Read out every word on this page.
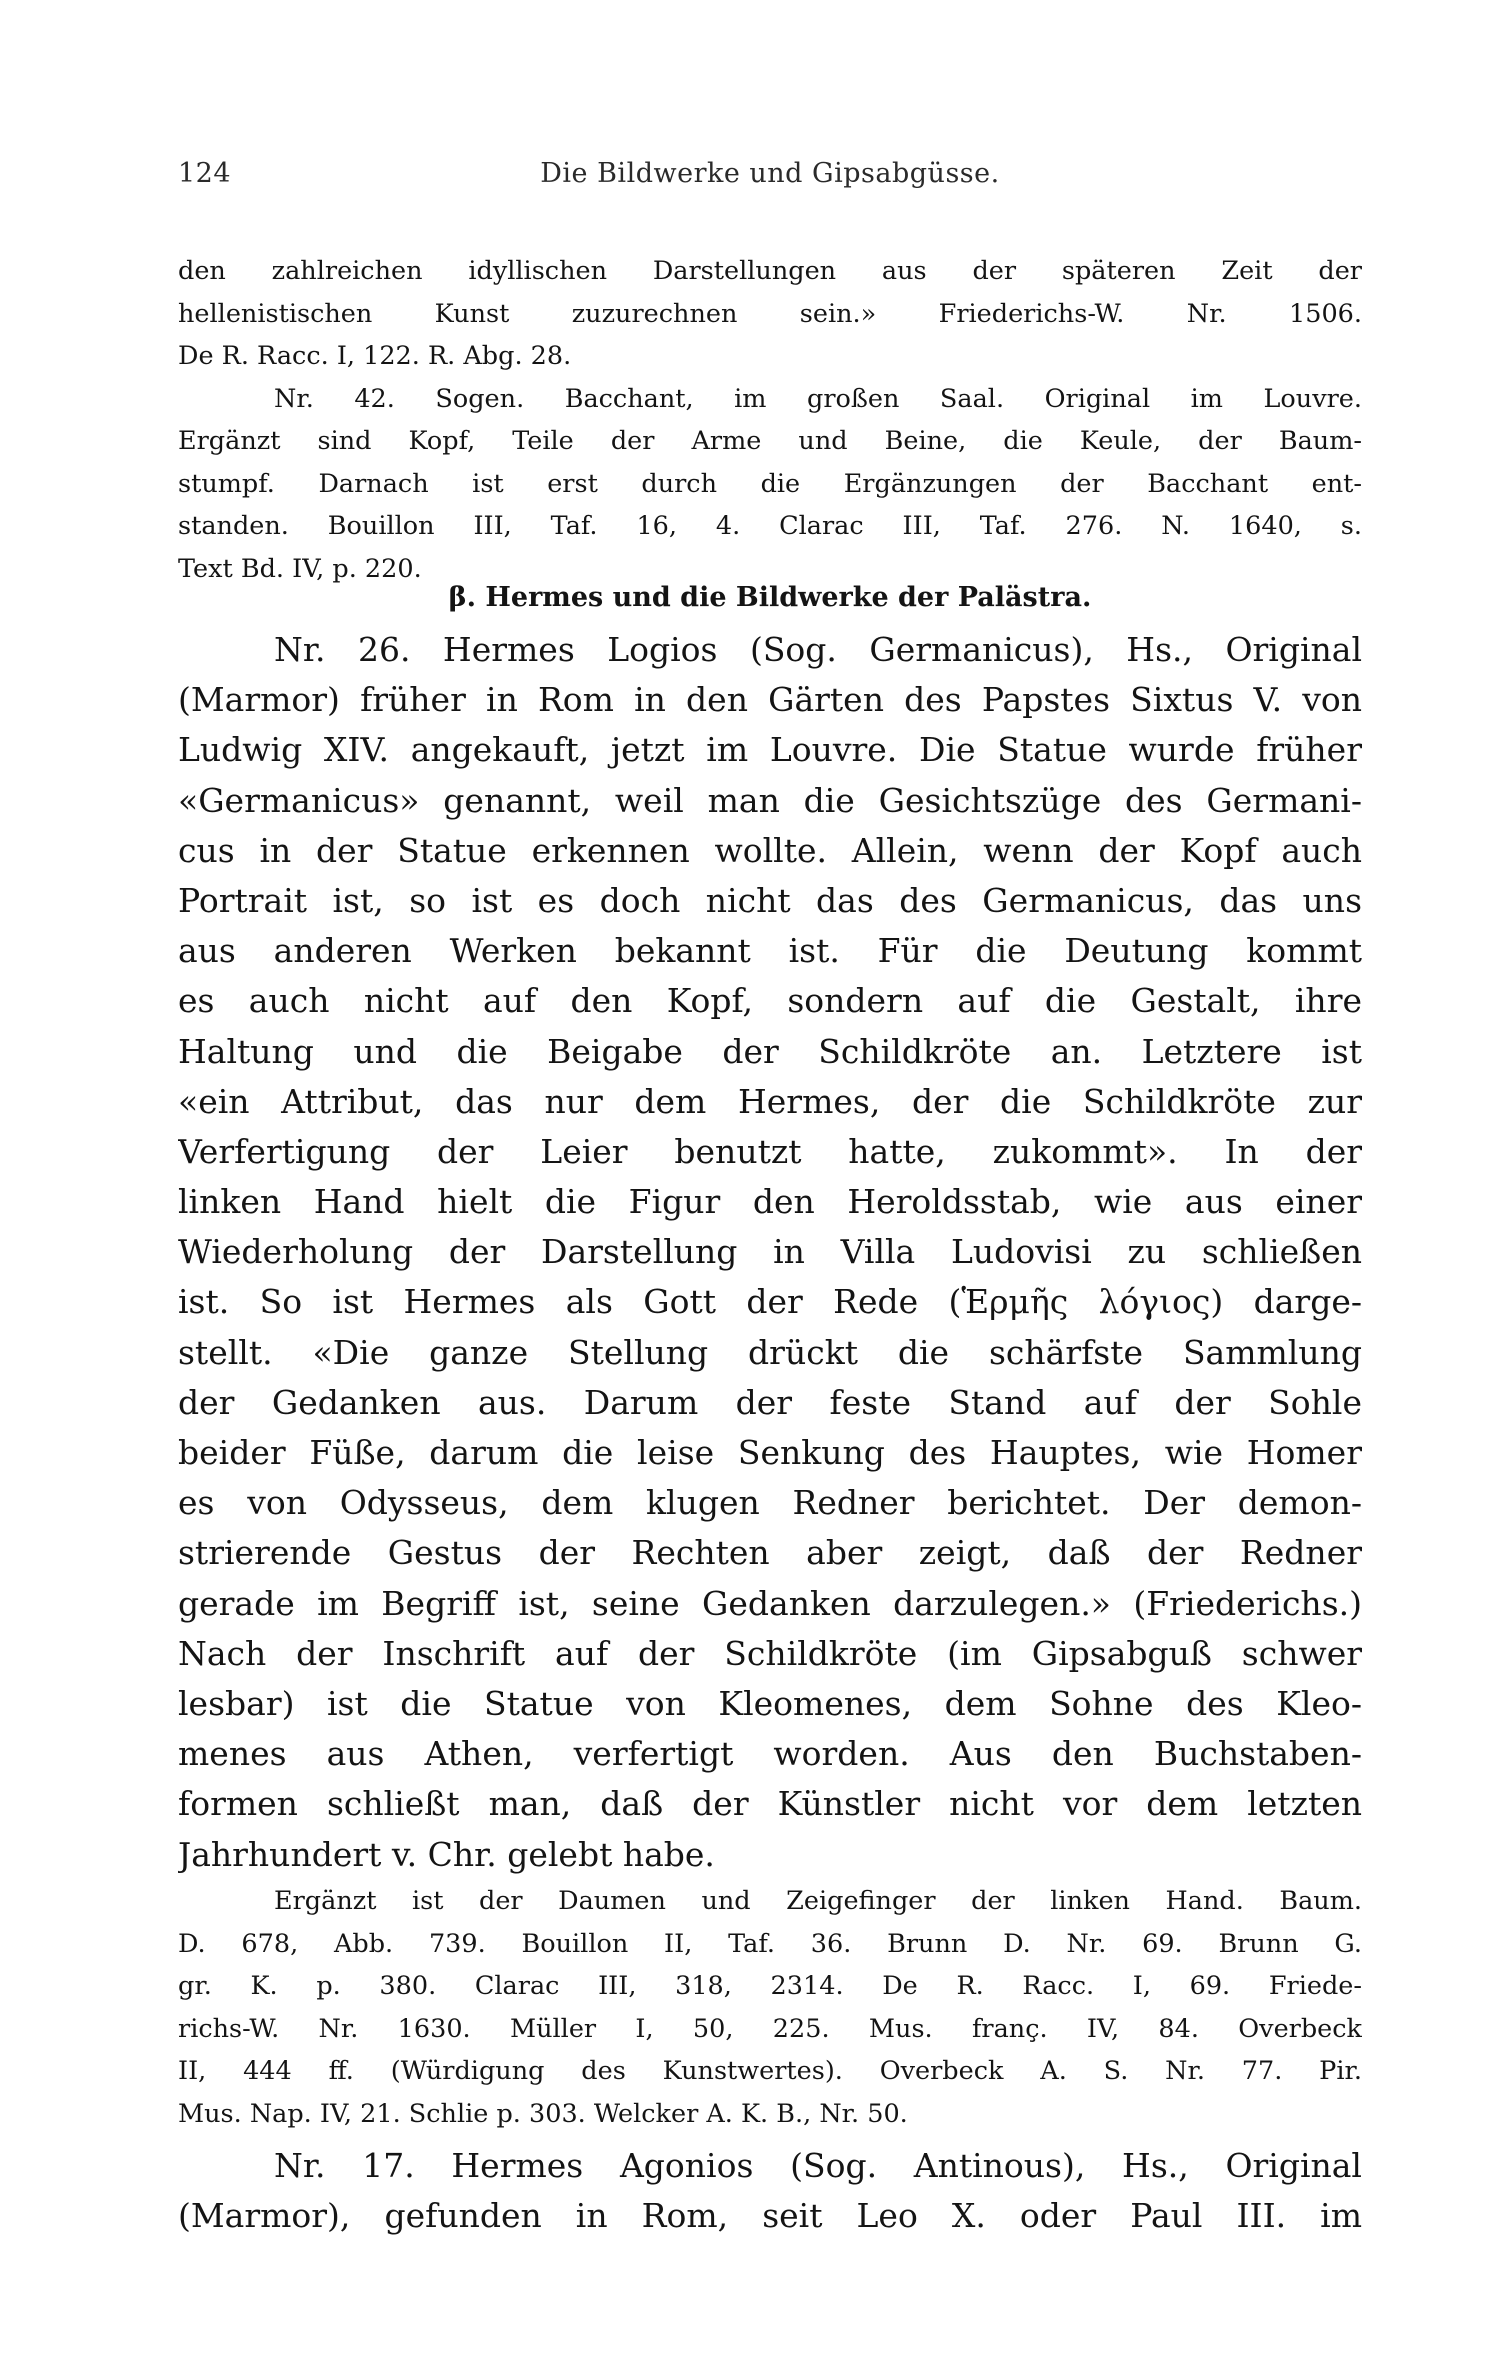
124	Die Bildwerke und Gipsabgüsse.
den zahlreichen idyllischen Darstellungen aus der späteren Zeit der
hellenistischen Kunst zuzurechnen sein.» Friederichs-W. Nr. 1506.
De R. Racc. I, 122. R. Abg. 28.
Nr. 42. Sogen. Bacchant, im großen Saal. Original im Louvre.
Ergänzt sind Kopf, Teile der Arme und Beine, die Keule, der Baum-
stumpf. Darnach ist erst durch die Ergänzungen der Bacchant ent-
standen. Bouillon III, Taf. 16, 4. Clarac III, Taf. 276. N. 1640, s.
Text Bd. IV, p. 220.
β. Hermes und die Bildwerke der Palästra.
Nr. 26. Hermes Logios (Sog. Germanicus), Hs., Original
(Marmor) früher in Rom in den Gärten des Papstes Sixtus V. von
Ludwig XIV. angekauft, jetzt im Louvre. Die Statue wurde früher
«Germanicus» genannt, weil man die Gesichtszüge des Germani-
cus in der Statue erkennen wollte. Allein, wenn der Kopf auch
Portrait ist, so ist es doch nicht das des Germanicus, das uns
aus anderen Werken bekannt ist. Für die Deutung kommt
es auch nicht auf den Kopf, sondern auf die Gestalt, ihre
Haltung und die Beigabe der Schildkröte an. Letztere ist
«ein Attribut, das nur dem Hermes, der die Schildkröte zur
Verfertigung der Leier benutzt hatte, zukommt». In der
linken Hand hielt die Figur den Heroldsstab, wie aus einer
Wiederholung der Darstellung in Villa Ludovisi zu schließen
ist. So ist Hermes als Gott der Rede (Ἑρμῆς λόγιος) darge-
stellt. «Die ganze Stellung drückt die schärfste Sammlung
der Gedanken aus. Darum der feste Stand auf der Sohle
beider Füße, darum die leise Senkung des Hauptes, wie Homer
es von Odysseus, dem klugen Redner berichtet. Der demon-
strierende Gestus der Rechten aber zeigt, daß der Redner
gerade im Begriff ist, seine Gedanken darzulegen.» (Friederichs.)
Nach der Inschrift auf der Schildkröte (im Gipsabguß schwer
lesbar) ist die Statue von Kleomenes, dem Sohne des Kleo-
menes aus Athen, verfertigt worden. Aus den Buchstaben-
formen schließt man, daß der Künstler nicht vor dem letzten
Jahrhundert v. Chr. gelebt habe.
Ergänzt ist der Daumen und Zeigefinger der linken Hand. Baum.
D. 678, Abb. 739. Bouillon II, Taf. 36. Brunn D. Nr. 69. Brunn G.
gr. K. p. 380. Clarac III, 318, 2314. De R. Racc. I, 69. Friede-
richs-W. Nr. 1630. Müller I, 50, 225. Mus. franç. IV, 84. Overbeck
II, 444 ff. (Würdigung des Kunstwertes). Overbeck A. S. Nr. 77. Pir.
Mus. Nap. IV, 21. Schlie p. 303. Welcker A. K. B., Nr. 50.
Nr. 17. Hermes Agonios (Sog. Antinous), Hs., Original
(Marmor), gefunden in Rom, seit Leo X. oder Paul III. im
